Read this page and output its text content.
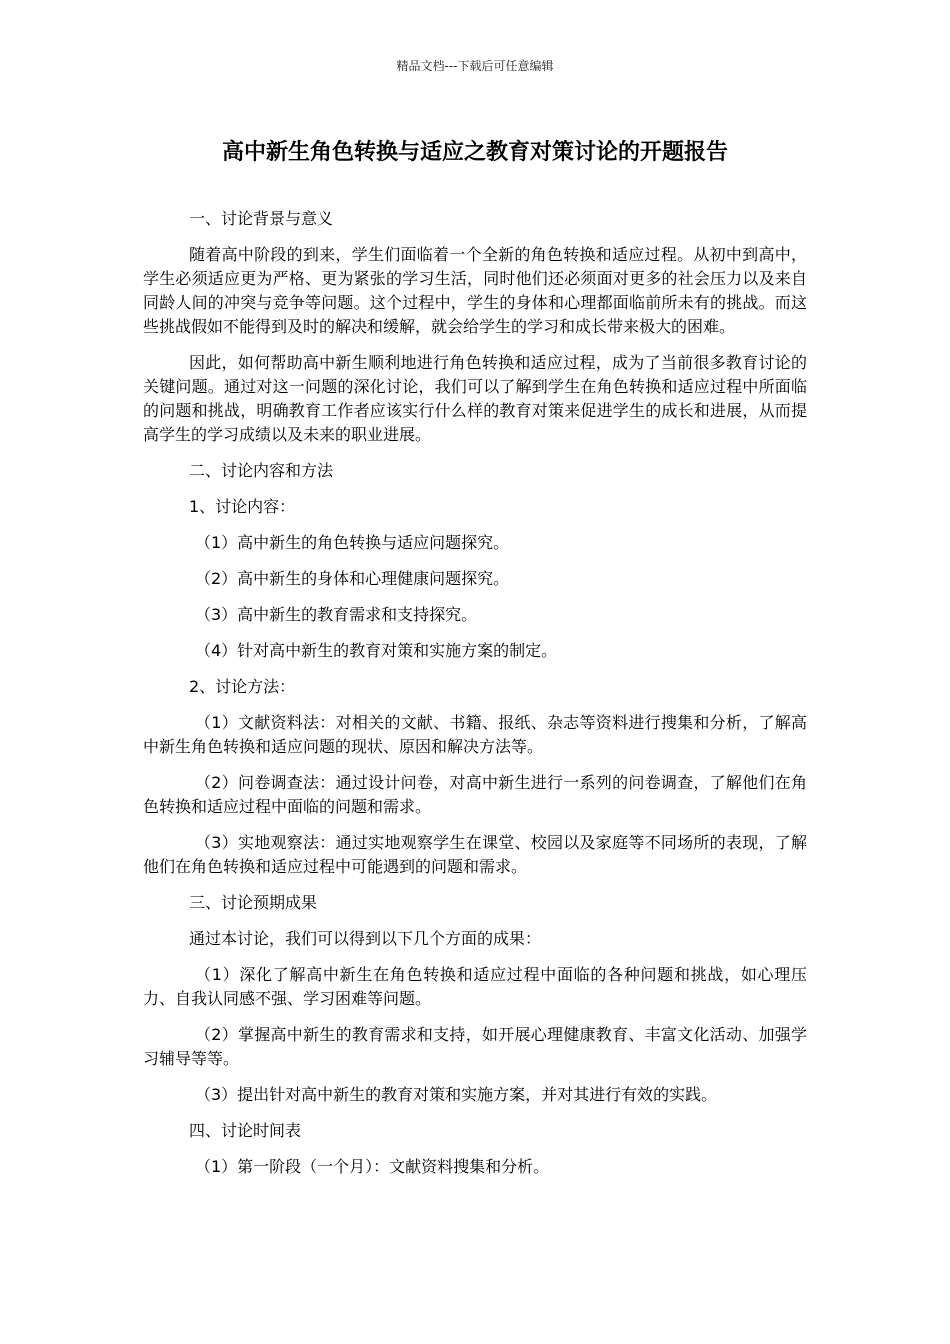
精品文档---下载后可任意编辑
高中新生角色转换与适应之教育对策讨论的开题报告

一、讨论背景与意义

随着高中阶段的到来，学生们面临着一个全新的角色转换和适应过程。从初中到高中，学生必须适应更为严格、更为紧张的学习生活，同时他们还必须面对更多的社会压力以及来自同龄人间的冲突与竞争等问题。这个过程中，学生的身体和心理都面临前所未有的挑战。而这些挑战假如不能得到及时的解决和缓解，就会给学生的学习和成长带来极大的困难。

因此，如何帮助高中新生顺利地进行角色转换和适应过程，成为了当前很多教育讨论的关键问题。通过对这一问题的深化讨论，我们可以了解到学生在角色转换和适应过程中所面临的问题和挑战，明确教育工作者应该实行什么样的教育对策来促进学生的成长和进展，从而提高学生的学习成绩以及未来的职业进展。

二、讨论内容和方法

1、讨论内容：

（1）高中新生的角色转换与适应问题探究。

（2）高中新生的身体和心理健康问题探究。

（3）高中新生的教育需求和支持探究。

（4）针对高中新生的教育对策和实施方案的制定。

2、讨论方法：

（1）文献资料法：对相关的文献、书籍、报纸、杂志等资料进行搜集和分析，了解高中新生角色转换和适应问题的现状、原因和解决方法等。

（2）问卷调查法：通过设计问卷，对高中新生进行一系列的问卷调查，了解他们在角色转换和适应过程中面临的问题和需求。

（3）实地观察法：通过实地观察学生在课堂、校园以及家庭等不同场所的表现，了解他们在角色转换和适应过程中可能遇到的问题和需求。

三、讨论预期成果

通过本讨论，我们可以得到以下几个方面的成果：

（1）深化了解高中新生在角色转换和适应过程中面临的各种问题和挑战，如心理压力、自我认同感不强、学习困难等问题。

（2）掌握高中新生的教育需求和支持，如开展心理健康教育、丰富文化活动、加强学习辅导等等。

（3）提出针对高中新生的教育对策和实施方案，并对其进行有效的实践。

四、讨论时间表

（1）第一阶段（一个月）：文献资料搜集和分析。
